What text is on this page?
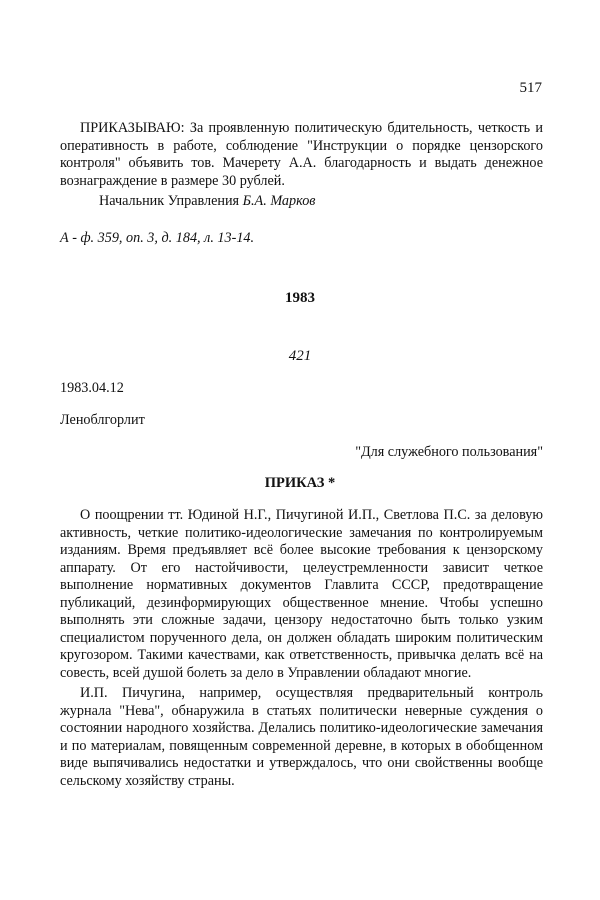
517
ПРИКАЗЫВАЮ: За проявленную политическую бдительность, четкость и оперативность в работе, соблюдение "Инструкции о порядке цензорского контроля" объявить тов. Мачерету А.А. благодарность и выдать денежное вознаграждение в размере 30 рублей.
Начальник Управления Б.А. Марков
А - ф. 359, оп. 3, д. 184, л. 13-14.
1983
421
1983.04.12
Леноблгорлит
"Для служебного пользования"
ПРИКАЗ *
О поощрении тт. Юдиной Н.Г., Пичугиной И.П., Светлова П.С. за деловую активность, четкие политико-идеологические замечания по контролируемым изданиям. Время предъявляет всё более высокие требования к цензорскому аппарату. От его настойчивости, целеустремленности зависит четкое выполнение нормативных документов Главлита СССР, предотвращение публикаций, дезинформирующих общественное мнение. Чтобы успешно выполнять эти сложные задачи, цензору недостаточно быть только узким специалистом порученного дела, он должен обладать широким политическим кругозором. Такими качествами, как ответственность, привычка делать всё на совесть, всей душой болеть за дело в Управлении обладают многие.
И.П. Пичугина, например, осуществляя предварительный контроль журнала "Нева", обнаружила в статьях политически неверные суждения о состоянии народного хозяйства. Делались политико-идеологические замечания и по материалам, повященным современной деревне, в которых в обобщенном виде выпячивались недостатки и утверждалось, что они свойственны вообще сельскому хозяйству страны.
